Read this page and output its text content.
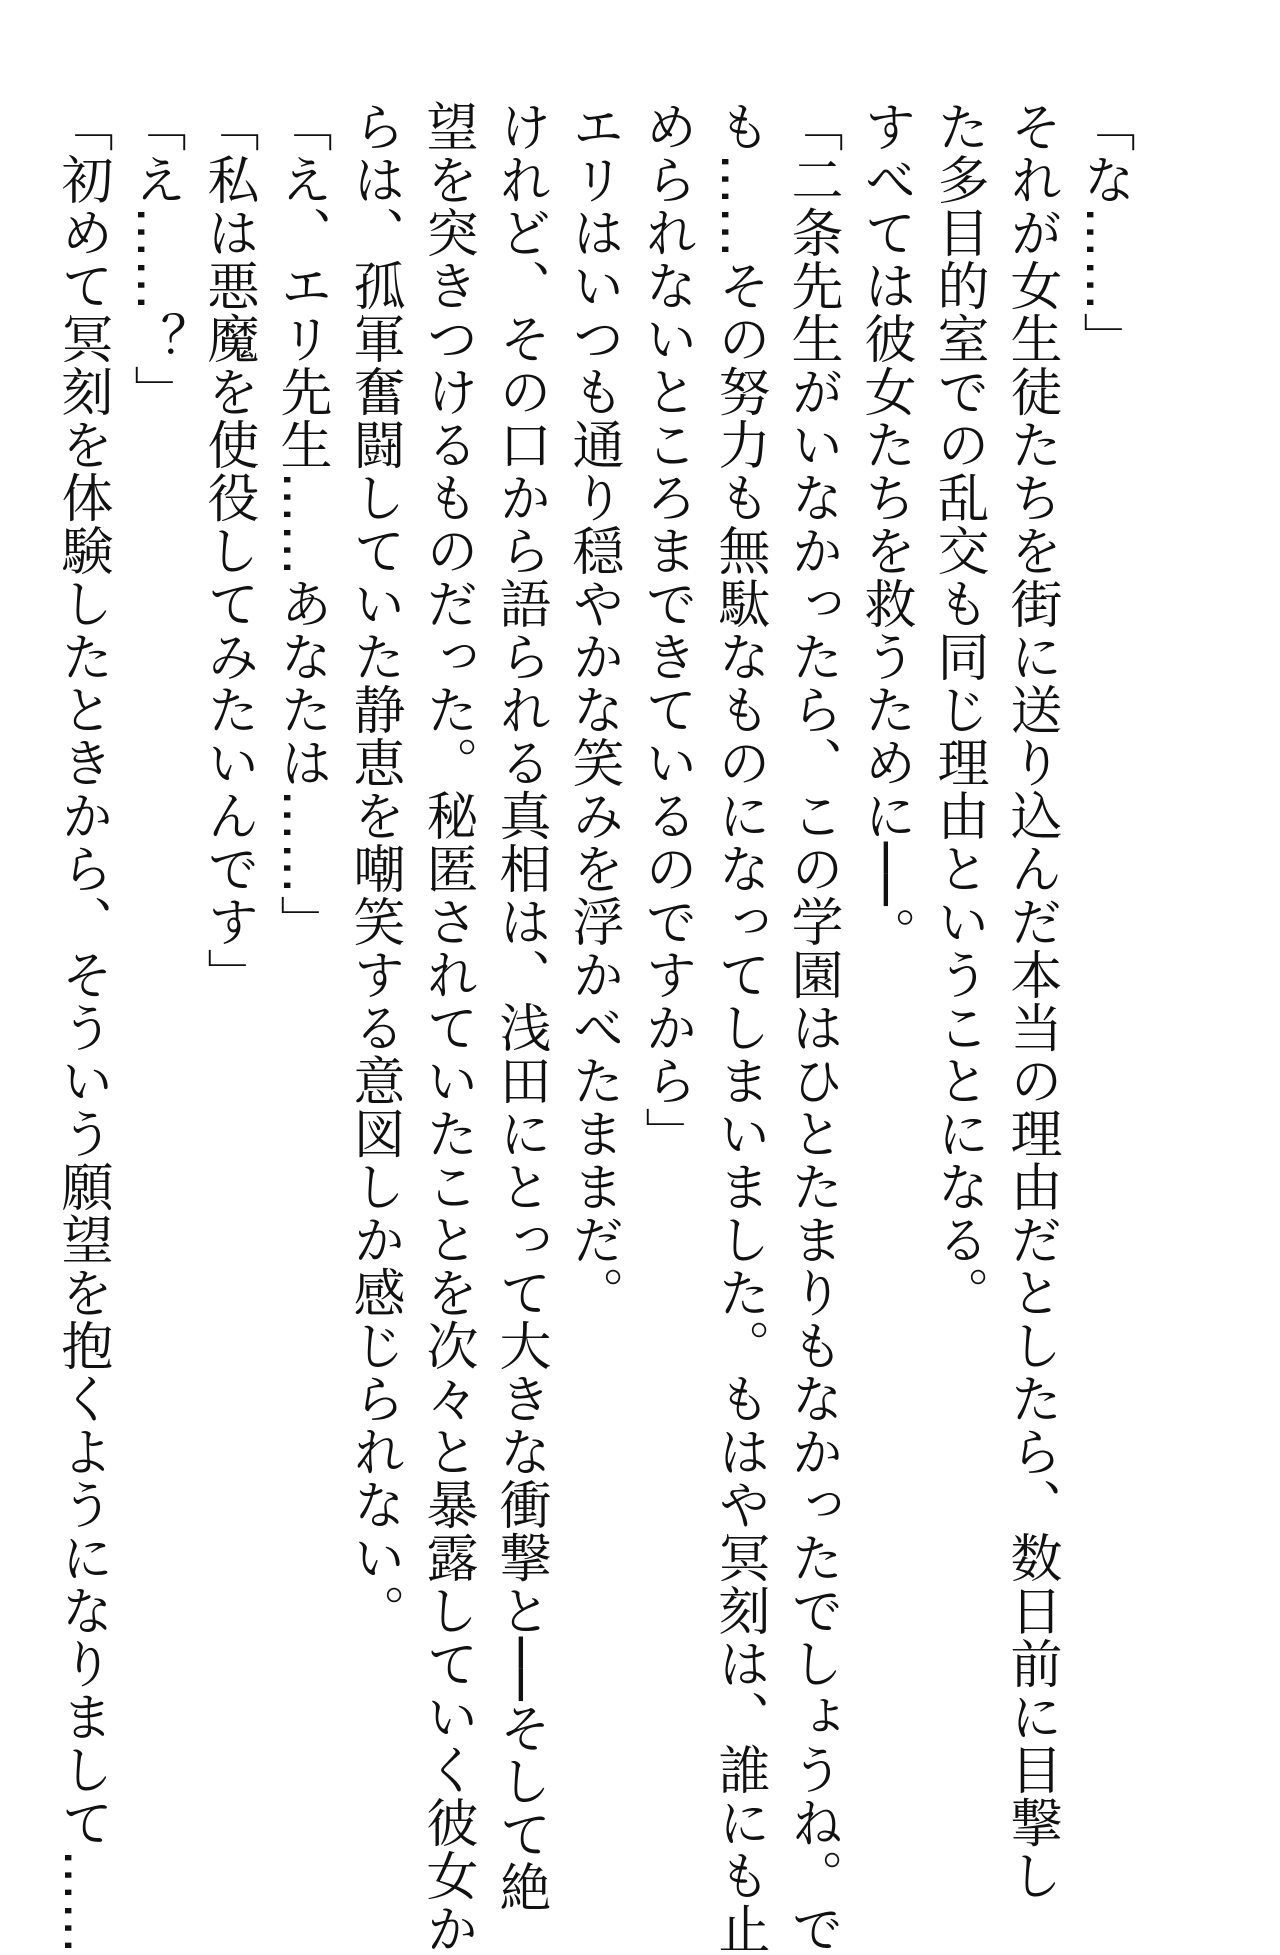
「な……」
それが女生徒たちを街に送り込んだ本当の理由だとしたら、数日前に目撃し
た多目的室での乱交も同じ理由ということになる。
すべては彼女たちを救うために──。
「二条先生がいなかったら、この学園はひとたまりもなかったでしょうね。で
も……その努力も無駄なものになってしまいました。もはや冥刻は、誰にも止
められないところまできているのですから」
エリはいつも通り穏やかな笑みを浮かべたままだ。
けれど、その口から語られる真相は、浅田にとって大きな衝撃と──そして絶
望を突きつけるものだった。秘匿されていたことを次々と暴露していく彼女か
らは、孤軍奮闘していた静恵を嘲笑する意図しか感じられない。
「え、エリ先生……あなたは……」
「私は悪魔を使役してみたいんです」
「え……？」
「初めて冥刻を体験したときから、そういう願望を抱くようになりまして……
